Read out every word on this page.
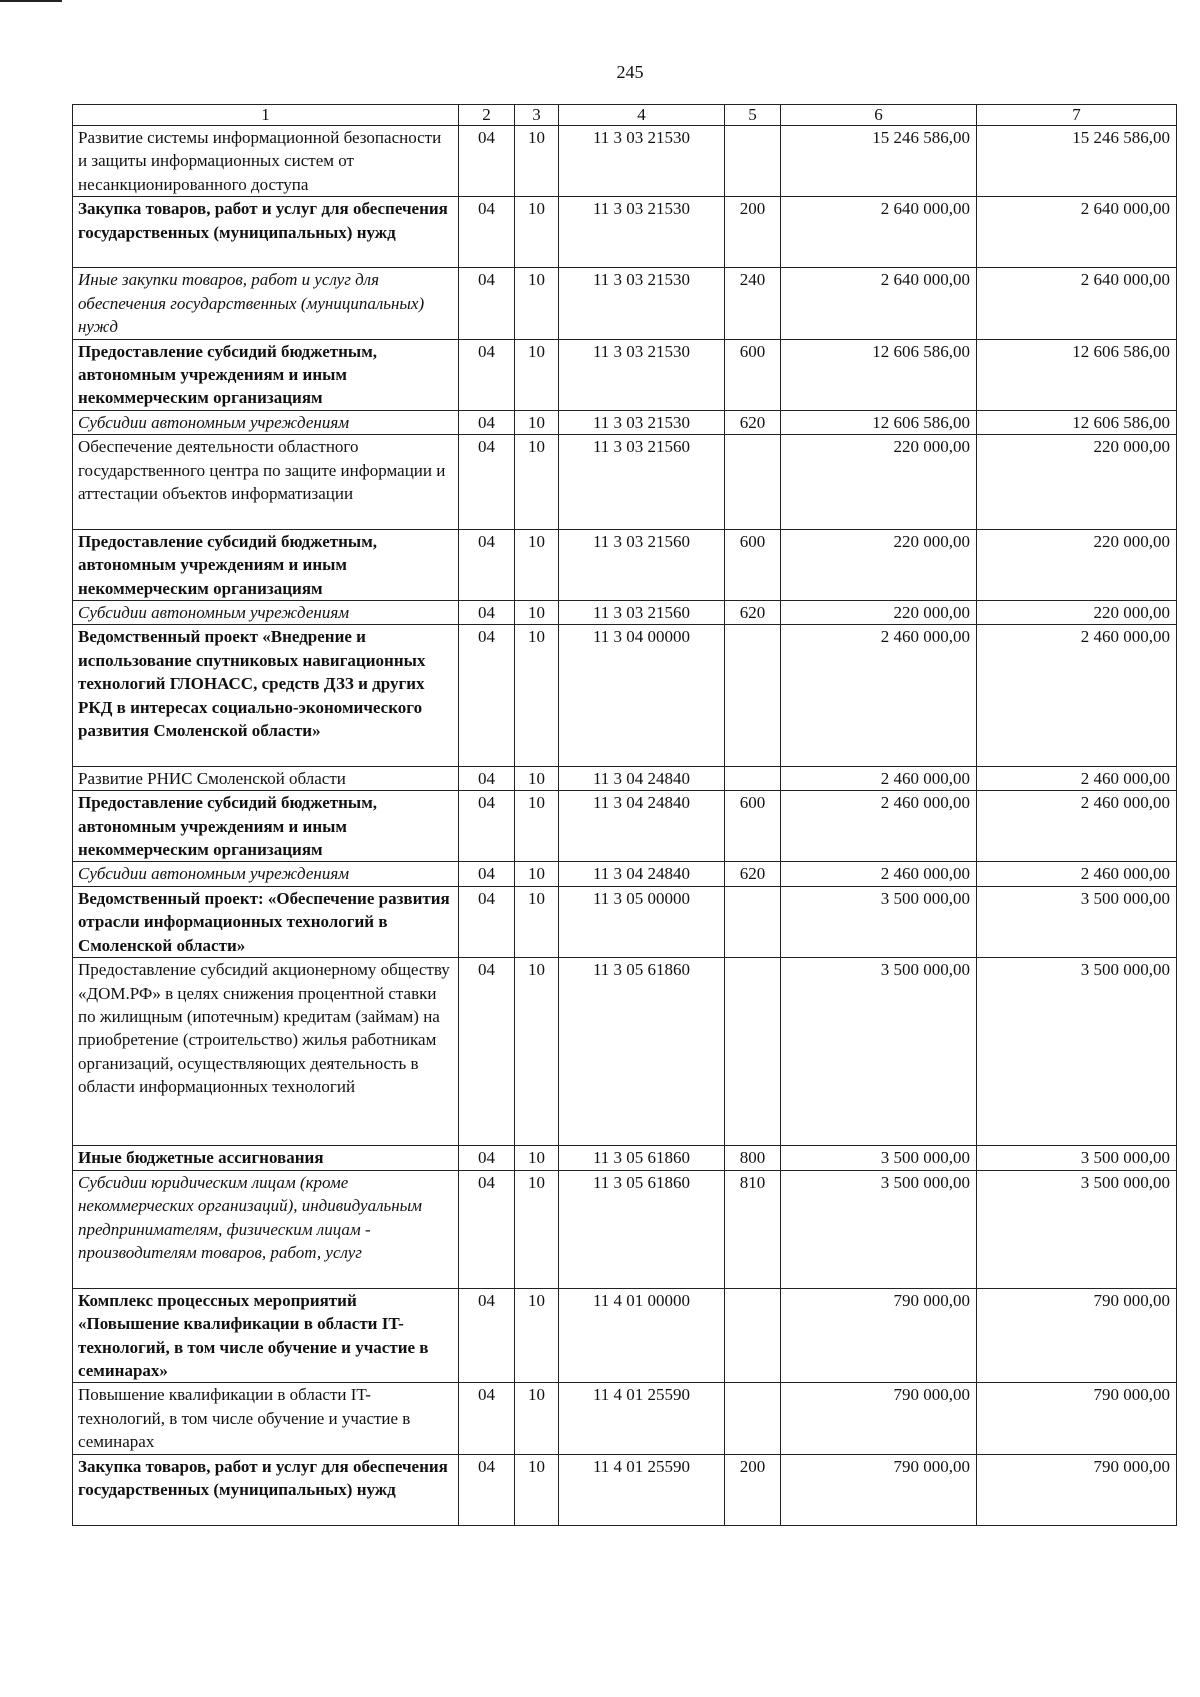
245
1	2	3	4	5	6	7
Развитие системы информационной безопасности и защиты информационных систем от несанкционированного доступа	04	10	11 3 03 21530		15 246 586,00	15 246 586,00
Закупка товаров, работ и услуг для обеспечения государственных (муниципальных) нужд	04	10	11 3 03 21530	200	2 640 000,00	2 640 000,00
Иные закупки товаров, работ и услуг для обеспечения государственных (муниципальных) нужд	04	10	11 3 03 21530	240	2 640 000,00	2 640 000,00
Предоставление субсидий бюджетным, автономным учреждениям и иным некоммерческим организациям	04	10	11 3 03 21530	600	12 606 586,00	12 606 586,00
Субсидии автономным учреждениям	04	10	11 3 03 21530	620	12 606 586,00	12 606 586,00
Обеспечение деятельности областного государственного центра по защите информации и аттестации объектов информатизации	04	10	11 3 03 21560		220 000,00	220 000,00
Предоставление субсидий бюджетным, автономным учреждениям и иным некоммерческим организациям	04	10	11 3 03 21560	600	220 000,00	220 000,00
Субсидии автономным учреждениям	04	10	11 3 03 21560	620	220 000,00	220 000,00
Ведомственный проект «Внедрение и использование спутниковых навигационных технологий ГЛОНАСС, средств ДЗЗ и других РКД в интересах социально-экономического развития Смоленской области»	04	10	11 3 04 00000		2 460 000,00	2 460 000,00
Развитие РНИС Смоленской области	04	10	11 3 04 24840		2 460 000,00	2 460 000,00
Предоставление субсидий бюджетным, автономным учреждениям и иным некоммерческим организациям	04	10	11 3 04 24840	600	2 460 000,00	2 460 000,00
Субсидии автономным учреждениям	04	10	11 3 04 24840	620	2 460 000,00	2 460 000,00
Ведомственный проект: «Обеспечение развития отрасли информационных технологий в Смоленской области»	04	10	11 3 05 00000		3 500 000,00	3 500 000,00
Предоставление субсидий акционерному обществу «ДОМ.РФ» в целях снижения процентной ставки по жилищным (ипотечным) кредитам (займам) на приобретение (строительство) жилья работникам организаций, осуществляющих деятельность в области информационных технологий	04	10	11 3 05 61860		3 500 000,00	3 500 000,00
Иные бюджетные ассигнования	04	10	11 3 05 61860	800	3 500 000,00	3 500 000,00
Субсидии юридическим лицам (кроме некоммерческих организаций), индивидуальным предпринимателям, физическим лицам - производителям товаров, работ, услуг	04	10	11 3 05 61860	810	3 500 000,00	3 500 000,00
Комплекс процессных мероприятий «Повышение квалификации в области IT-технологий, в том числе обучение и участие в семинарах»	04	10	11 4 01 00000		790 000,00	790 000,00
Повышение квалификации в области IT-технологий, в том числе обучение и участие в семинарах	04	10	11 4 01 25590		790 000,00	790 000,00
Закупка товаров, работ и услуг для обеспечения государственных (муниципальных) нужд	04	10	11 4 01 25590	200	790 000,00	790 000,00
